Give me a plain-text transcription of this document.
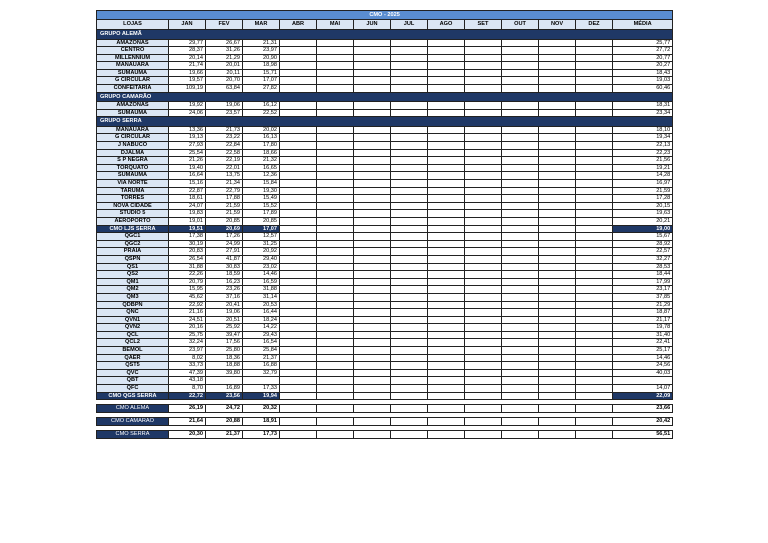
CMO - 2025													
LOJAS	JAN	FEV	MAR	ABR	MAI	JUN	JUL	AGO	SET	OUT	NOV	DEZ	MÉDIA
GRUPO ALEMÃ													
AMAZONAS	29,77	26,67	21,31										25,77
CENTRO	28,37	31,26	23,97										27,72
MILLENNIUM	20,14	21,29	20,90										20,77
MANAUARA	21,74	20,01	18,98										20,27
SUMAUMA	19,66	20,11	15,71										18,43
G CIRCULAR	19,57	20,70	17,07										19,03
CONFEITARIA	109,19	63,84	27,82										60,46
GRUPO CAMARÃO													
AMAZONAS	19,92	19,06	16,12										18,31
SUMAUMA	24,06	23,57	22,52										23,34
GRUPO SERRA													
MANAUARA	13,36	21,73	20,02										18,10
G CIRCULAR	19,13	23,22	16,13										19,34
J NABUCO	27,93	22,84	17,80										22,13
DJALMA	25,54	22,58	18,66										22,23
S P NEGRA	21,26	22,19	21,32										21,56
TORQUATO	19,40	22,01	16,65										19,21
SUMAUMA	16,64	13,75	12,36										14,28
VIA NORTE	15,16	21,34	15,84										16,97
TARUMA	22,87	22,79	19,30										21,59
TORRES	18,61	17,88	15,49										17,28
NOVA CIDADE	24,07	21,59	15,52										20,15
STUDIO 5	19,83	21,59	17,89										19,63
AEROPORTO	19,01	20,85	20,85										20,21
CMO LJS SERRA	19,51	20,69	17,07										19,00
QGC1	17,38	17,26	12,57										15,67
QGC2	30,19	24,99	31,25										28,92
PRAIA	20,83	27,91	20,92										22,57
QSPN	26,54	41,87	29,40										32,27
QS1	31,88	30,83	23,02										28,53
QS2	22,26	18,59	14,46										18,44
QM1	20,79	16,23	16,59										17,99
QM2	15,95	23,26	31,88										23,17
QM3	45,62	37,16	31,14										37,85
QDBPN	22,92	20,41	20,53										21,29
QNC	21,16	19,06	16,44										18,87
QVN1	24,51	20,51	18,24										21,17
QVN2	20,16	25,92	14,22										19,78
QCL	25,75	39,47	29,43										31,40
QCL2	32,24	17,56	16,54										22,41
BEMOL	23,97	25,80	25,84										25,17
QAER	8,02	18,36	21,37										14,46
QST5	33,73	18,88	16,88										24,56
QVC	47,39	39,80	32,79										40,03
QBT	43,18												
QFC	8,70	16,89	17,33										14,07
CMO QGS SERRA	22,72	23,56	19,94										22,09

CMO ALEMÃ	26,19	24,72	20,32										23,66

CMO CAMARÃO	21,64	20,88	18,91										20,42

CMO SERRA	20,30	21,37	17,73										56,51
